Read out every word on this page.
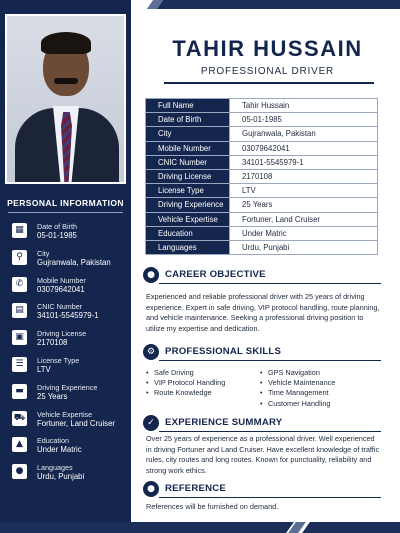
PERSONAL INFORMATION
▦	Date of Birth
05-01-1985
⚲	City
Gujranwala, Pakistan
✆	Mobile Number
03079642041
▤	CNIC Number
34101-5545979-1
▣	Driving License
2170108
☰	License Type
LTV
▬	Driving Experience
25 Years
⛟ Vehicle Expertise
Fortuner, Land Cruiser
▲	Education
Under Matric
●	Languages
Urdu, Punjabi
TAHIR HUSSAIN
PROFESSIONAL DRIVER
Full Name	Tahir Hussain
Date of Birth	05-01-1985
City	Gujranwala, Pakistan
Mobile Number	03079642041
CNIC Number	34101-5545979-1
Driving License	2170108
License Type	LTV
Driving Experience	25 Years
Vehicle Expertise	Fortuner, Land Cruiser
Education	Under Matric
Languages	Urdu, Punjabi
●	CAREER OBJECTIVE
Experienced and reliable professional driver with 25 years of driving experience. Expert in safe driving, VIP protocol handling, route planning, and vehicle maintenance. Seeking a professional driving position to utilize my expertise and dedication.
⚙	PROFESSIONAL SKILLS
• Safe Driving
• VIP Protocol Handling
• Route Knowledge
• GPS Navigation
• Vehicle Maintenance
• Time Management
• Customer Handling
✓	EXPERIENCE SUMMARY
Over 25 years of experience as a professional driver. Well experienced in driving Fortuner and Land Cruiser. Have excellent knowledge of traffic rules, city routes and long routes. Known for punctuality, reliability and strong work ethics.
●	REFERENCE
References will be furnished on demand.
